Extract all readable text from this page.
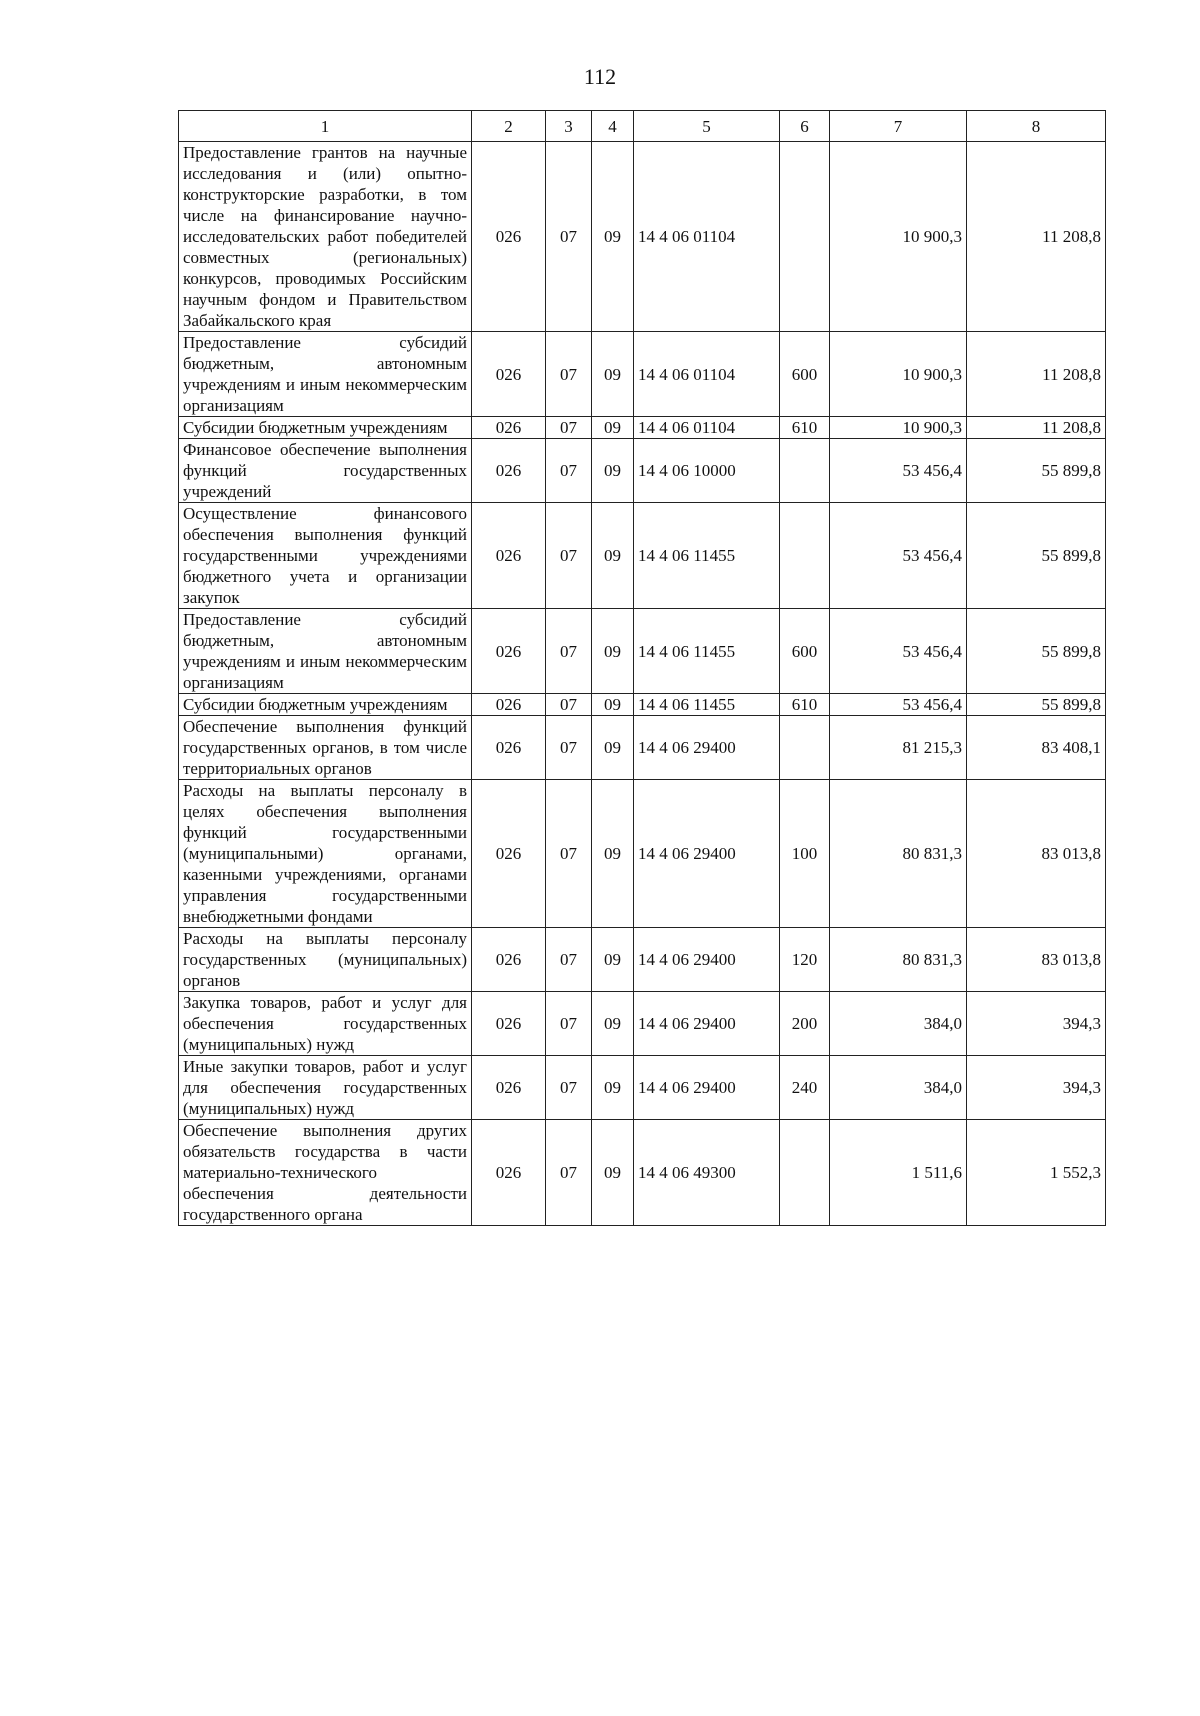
112
1	2	3	4	5	6	7	8
Предоставление грантов на научные исследования и (или) опытно-конструкторские разработки, в том числе на финансирование научно-исследовательских работ победителей совместных (региональных) конкурсов, проводимых Российским научным фондом и Правительством Забайкальского края	026	07	09	14 4 06 01104		10 900,3	11 208,8
Предоставление субсидий бюджетным, автономным учреждениям и иным некоммерческим организациям	026	07	09	14 4 06 01104	600	10 900,3	11 208,8
Субсидии бюджетным учреждениям	026	07	09	14 4 06 01104	610	10 900,3	11 208,8
Финансовое обеспечение выполнения функций государственных учреждений	026	07	09	14 4 06 10000		53 456,4	55 899,8
Осуществление финансового обеспечения выполнения функций государственными учреждениями бюджетного учета и организации закупок	026	07	09	14 4 06 11455		53 456,4	55 899,8
Предоставление субсидий бюджетным, автономным учреждениям и иным некоммерческим организациям	026	07	09	14 4 06 11455	600	53 456,4	55 899,8
Субсидии бюджетным учреждениям	026	07	09	14 4 06 11455	610	53 456,4	55 899,8
Обеспечение выполнения функций государственных органов, в том числе территориальных органов	026	07	09	14 4 06 29400		81 215,3	83 408,1
Расходы на выплаты персоналу в целях обеспечения выполнения функций государственными (муниципальными) органами, казенными учреждениями, органами управления государственными внебюджетными фондами	026	07	09	14 4 06 29400	100	80 831,3	83 013,8
Расходы на выплаты персоналу государственных (муниципальных) органов	026	07	09	14 4 06 29400	120	80 831,3	83 013,8
Закупка товаров, работ и услуг для обеспечения государственных (муниципальных) нужд	026	07	09	14 4 06 29400	200	384,0	394,3
Иные закупки товаров, работ и услуг для обеспечения государственных (муниципальных) нужд	026	07	09	14 4 06 29400	240	384,0	394,3
Обеспечение выполнения других обязательств государства в части материально-технического обеспечения деятельности государственного органа	026	07	09	14 4 06 49300		1 511,6	1 552,3
